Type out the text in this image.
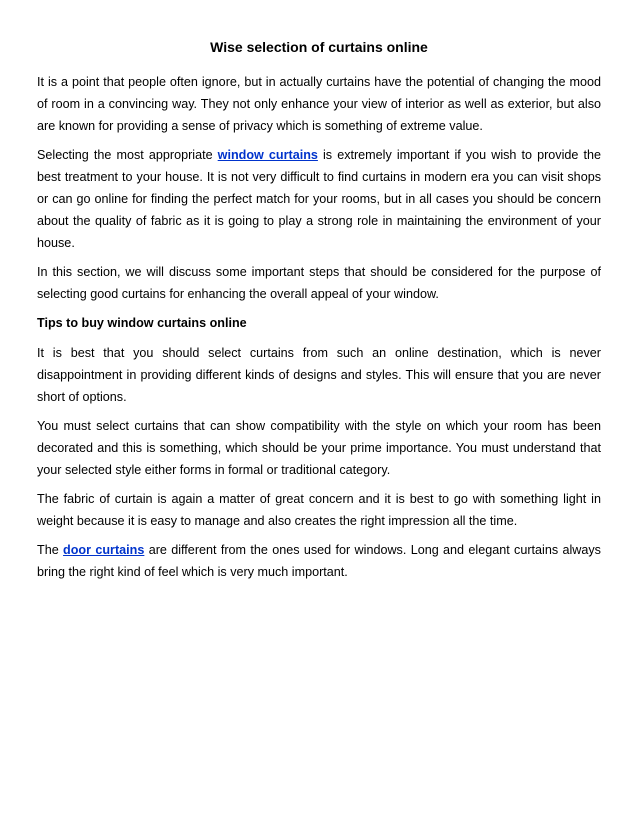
Wise selection of curtains online

It is a point that people often ignore, but in actually curtains have the potential of changing the mood of room in a convincing way. They not only enhance your view of interior as well as exterior, but also are known for providing a sense of privacy which is something of extreme value.

Selecting the most appropriate window curtains is extremely important if you wish to provide the best treatment to your house. It is not very difficult to find curtains in modern era you can visit shops or can go online for finding the perfect match for your rooms, but in all cases you should be concern about the quality of fabric as it is going to play a strong role in maintaining the environment of your house.

In this section, we will discuss some important steps that should be considered for the purpose of selecting good curtains for enhancing the overall appeal of your window.

Tips to buy window curtains online

It is best that you should select curtains from such an online destination, which is never disappointment in providing different kinds of designs and styles. This will ensure that you are never short of options.

You must select curtains that can show compatibility with the style on which your room has been decorated and this is something, which should be your prime importance. You must understand that your selected style either forms in formal or traditional category.

The fabric of curtain is again a matter of great concern and it is best to go with something light in weight because it is easy to manage and also creates the right impression all the time.

The door curtains are different from the ones used for windows. Long and elegant curtains always bring the right kind of feel which is very much important.
